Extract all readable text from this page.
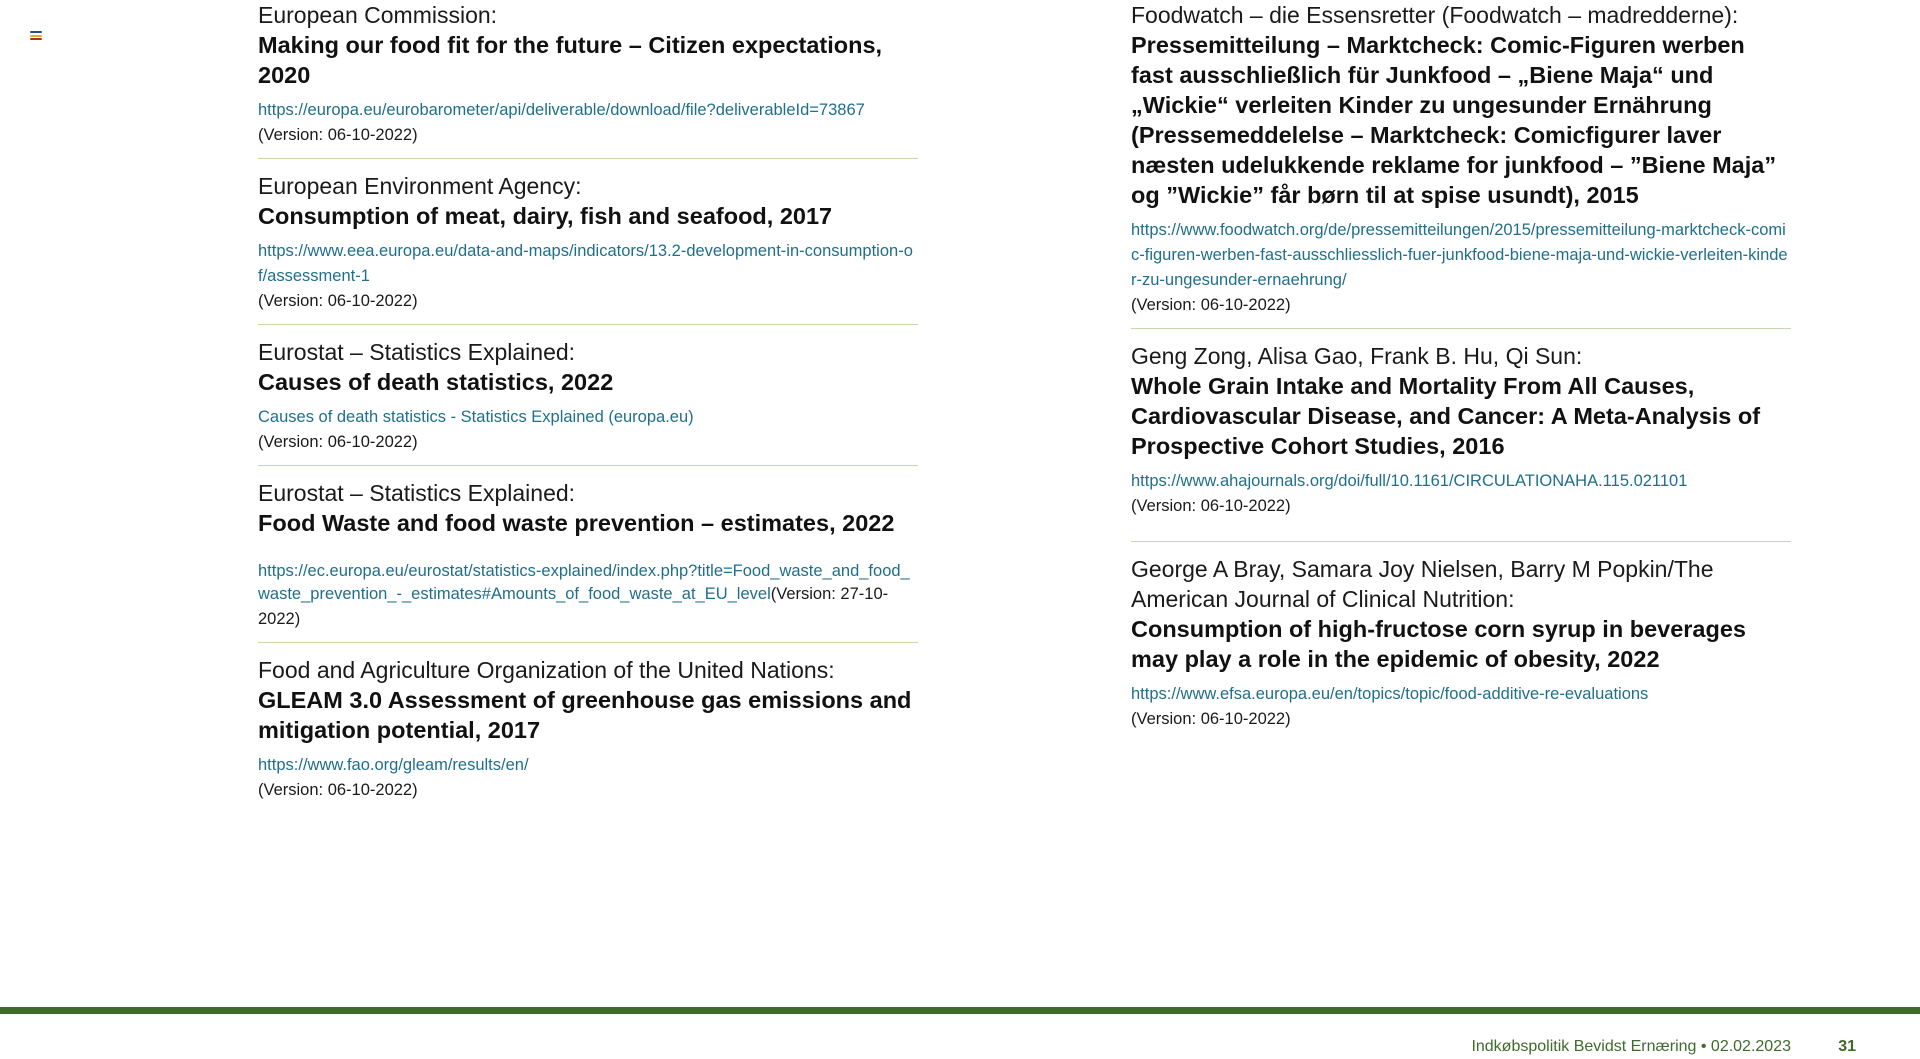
European Commission:
Making our food fit for the future – Citizen expectations, 2020
https://europa.eu/eurobarometer/api/deliverable/download/file?deliverableId=73867
(Version: 06-10-2022)
European Environment Agency:
Consumption of meat, dairy, fish and seafood, 2017
https://www.eea.europa.eu/data-and-maps/indicators/13.2-development-in-consumption-of/assessment-1
(Version: 06-10-2022)
Eurostat – Statistics Explained:
Causes of death statistics, 2022
Causes of death statistics - Statistics Explained (europa.eu)
(Version: 06-10-2022)
Eurostat – Statistics Explained:
Food Waste and food waste prevention – estimates, 2022
https://ec.europa.eu/eurostat/statistics-explained/index.php?title=Food_waste_and_food_waste_prevention_-_estimates#Amounts_of_food_waste_at_EU_level(Version: 27-10-2022)
Food and Agriculture Organization of the United Nations:
GLEAM 3.0 Assessment of greenhouse gas emissions and mitigation potential, 2017
https://www.fao.org/gleam/results/en/
(Version: 06-10-2022)
Foodwatch – die Essensretter (Foodwatch – madredderne):
Pressemitteilung – Marktcheck: Comic-Figuren werben fast ausschließlich für Junkfood – „Biene Maja“ und „Wickie“ verleiten Kinder zu ungesunder Ernährung (Pressemeddelelse – Marktcheck: Comicfigurer laver næsten udelukkende reklame for junkfood – ”Biene Maja” og ”Wickie” får børn til at spise usundt), 2015
https://www.foodwatch.org/de/pressemitteilungen/2015/pressemitteilung-marktcheck-comic-figuren-werben-fast-ausschliesslich-fuer-junkfood-biene-maja-und-wickie-verleiten-kinder-zu-ungesunder-ernaehrung/
(Version: 06-10-2022)
Geng Zong, Alisa Gao, Frank B. Hu, Qi Sun:
Whole Grain Intake and Mortality From All Causes, Cardiovascular Disease, and Cancer: A Meta-Analysis of Prospective Cohort Studies, 2016
https://www.ahajournals.org/doi/full/10.1161/CIRCULATIONAHA.115.021101
(Version: 06-10-2022)
George A Bray, Samara Joy Nielsen, Barry M Popkin/The American Journal of Clinical Nutrition:
Consumption of high-fructose corn syrup in beverages may play a role in the epidemic of obesity, 2022
https://www.efsa.europa.eu/en/topics/topic/food-additive-re-evaluations
(Version: 06-10-2022)
Indkøbspolitik Bevidst Ernæring • 02.02.2023	31
